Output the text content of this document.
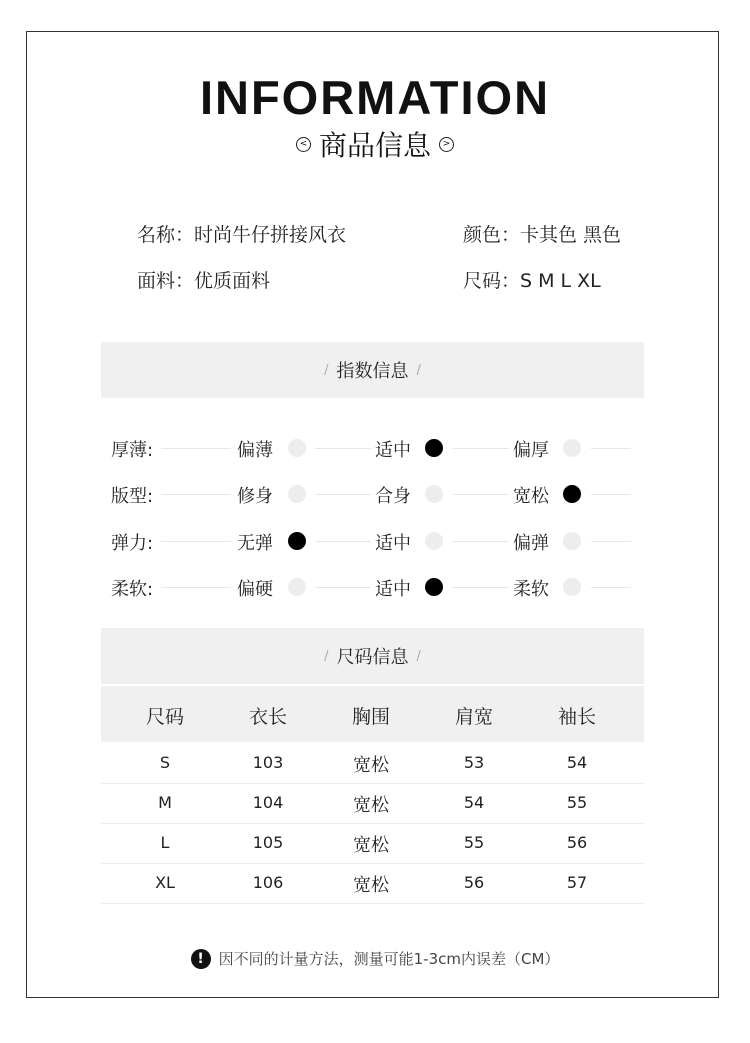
INFORMATION
< 商品信息	>
名称：时尚牛仔拼接风衣	颜色：卡其色 黑色
面料：优质面料	尺码：S M L XL
/ 指数信息 /
厚薄:	偏薄	适中	偏厚
版型:	修身	合身	宽松
弹力:	无弹	适中	偏弹
柔软:	偏硬	适中	柔软
/ 尺码信息 /
尺码	衣长	胸围	肩宽	袖长
S	103	宽松	53	54
M	104	宽松	54	55
L	105	宽松	55	56
XL	106	宽松	56	57
! 因不同的计量方法，测量可能1-3cm内误差（CM）
